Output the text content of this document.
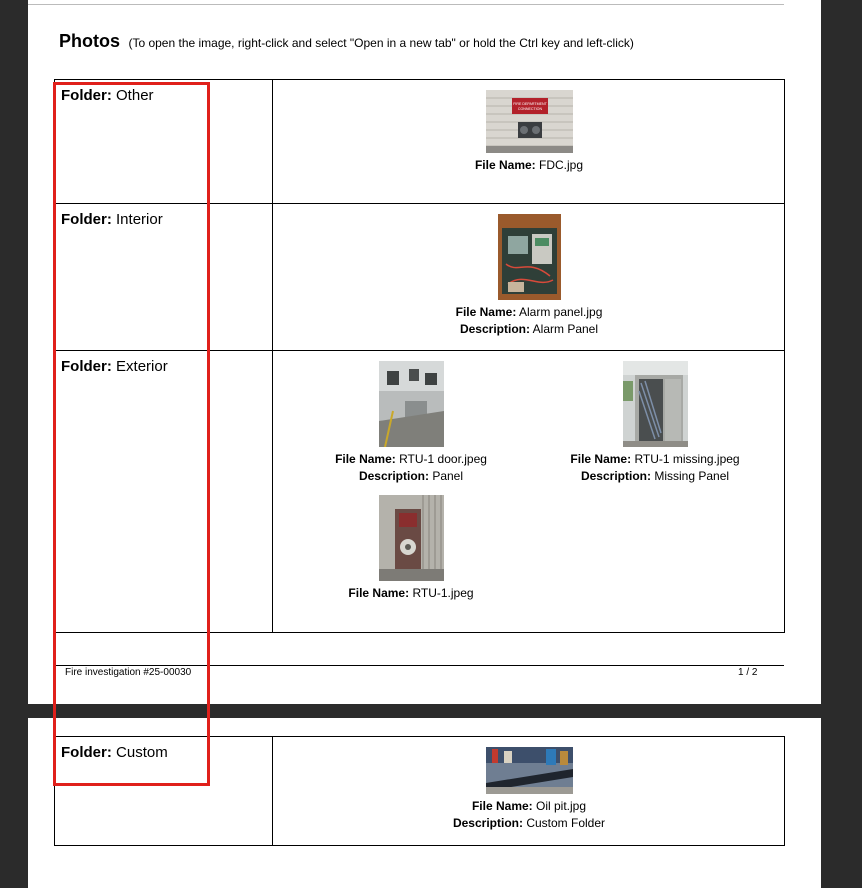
Photos (To open the image, right-click and select "Open in a new tab" or hold the Ctrl key and left-click)
Folder: Other	FIRE DEPARTMENT
CONNECTION
File Name: FDC.jpg

Folder: Interior	File Name: Alarm panel.jpg
Description: Alarm Panel

Folder: Exterior	File Name: RTU-1 door.jpeg
Description: Panel
File Name: RTU-1 missing.jpeg
Description: Missing Panel
File Name: RTU-1.jpeg
Fire investigation #25-00030	1 / 2
Folder: Custom	
File Name: Oil pit.jpg
Description: Custom Folder
